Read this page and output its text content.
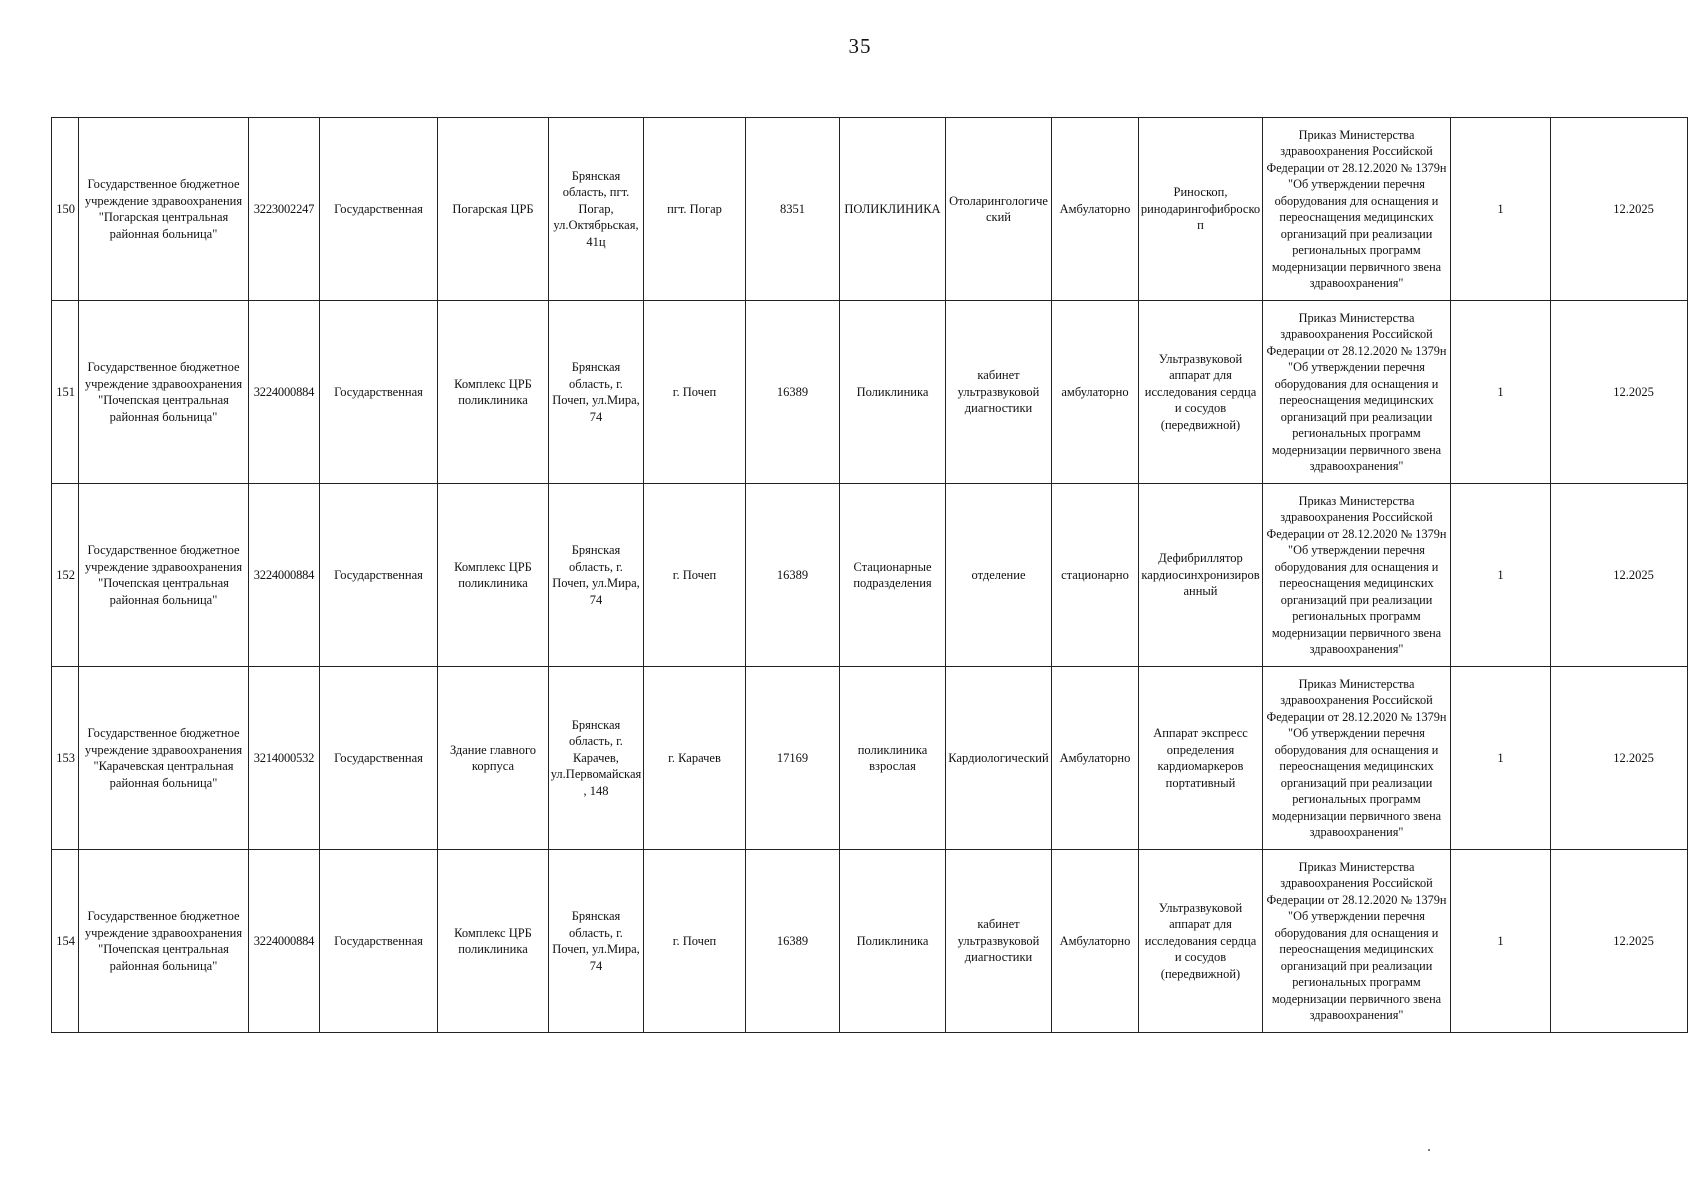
35
150	Государственное бюджетное учреждение здравоохранения "Погарская центральная районная больница"	3223002247	Государственная	Погарская ЦРБ	Брянская область, пгт. Погар, ул.Октябрьская, 41ц	пгт. Погар	8351	ПОЛИКЛИНИКА	Отоларингологический	Амбулаторно	Риноскоп, ринодарингофиброскоп	Приказ Министерства здравоохранения Российской Федерации от 28.12.2020 № 1379н "Об утверждении перечня оборудования для оснащения и переоснащения медицинских организаций при реализации региональных программ модернизации первичного звена здравоохранения"	1	12.2025
151	Государственное бюджетное учреждение здравоохранения "Почепская центральная районная больница"	3224000884	Государственная	Комплекс ЦРБ поликлиника	Брянская область, г. Почеп, ул.Мира, 74	г. Почеп	16389	Поликлиника	кабинет ультразвуковой диагностики	амбулаторно	Ультразвуковой аппарат для исследования сердца и сосудов (передвижной)	Приказ Министерства здравоохранения Российской Федерации от 28.12.2020 № 1379н "Об утверждении перечня оборудования для оснащения и переоснащения медицинских организаций при реализации региональных программ модернизации первичного звена здравоохранения"	1	12.2025
152	Государственное бюджетное учреждение здравоохранения "Почепская центральная районная больница"	3224000884	Государственная	Комплекс ЦРБ поликлиника	Брянская область, г. Почеп, ул.Мира, 74	г. Почеп	16389	Стационарные подразделения	отделение	стационарно	Дефибриллятор кардиосинхронизированный	Приказ Министерства здравоохранения Российской Федерации от 28.12.2020 № 1379н "Об утверждении перечня оборудования для оснащения и переоснащения медицинских организаций при реализации региональных программ модернизации первичного звена здравоохранения"	1	12.2025
153	Государственное бюджетное учреждение здравоохранения "Карачевская центральная районная больница"	3214000532	Государственная	Здание главного корпуса	Брянская область, г. Карачев, ул.Первомайская, 148	г. Карачев	17169	поликлиника взрослая	Кардиологический	Амбулаторно	Аппарат экспресс определения кардиомаркеров портативный	Приказ Министерства здравоохранения Российской Федерации от 28.12.2020 № 1379н "Об утверждении перечня оборудования для оснащения и переоснащения медицинских организаций при реализации региональных программ модернизации первичного звена здравоохранения"	1	12.2025
154	Государственное бюджетное учреждение здравоохранения "Почепская центральная районная больница"	3224000884	Государственная	Комплекс ЦРБ поликлиника	Брянская область, г. Почеп, ул.Мира, 74	г. Почеп	16389	Поликлиника	кабинет ультразвуковой диагностики	Амбулаторно	Ультразвуковой аппарат для исследования сердца и сосудов (передвижной)	Приказ Министерства здравоохранения Российской Федерации от 28.12.2020 № 1379н "Об утверждении перечня оборудования для оснащения и переоснащения медицинских организаций при реализации региональных программ модернизации первичного звена здравоохранения"	1	12.2025
